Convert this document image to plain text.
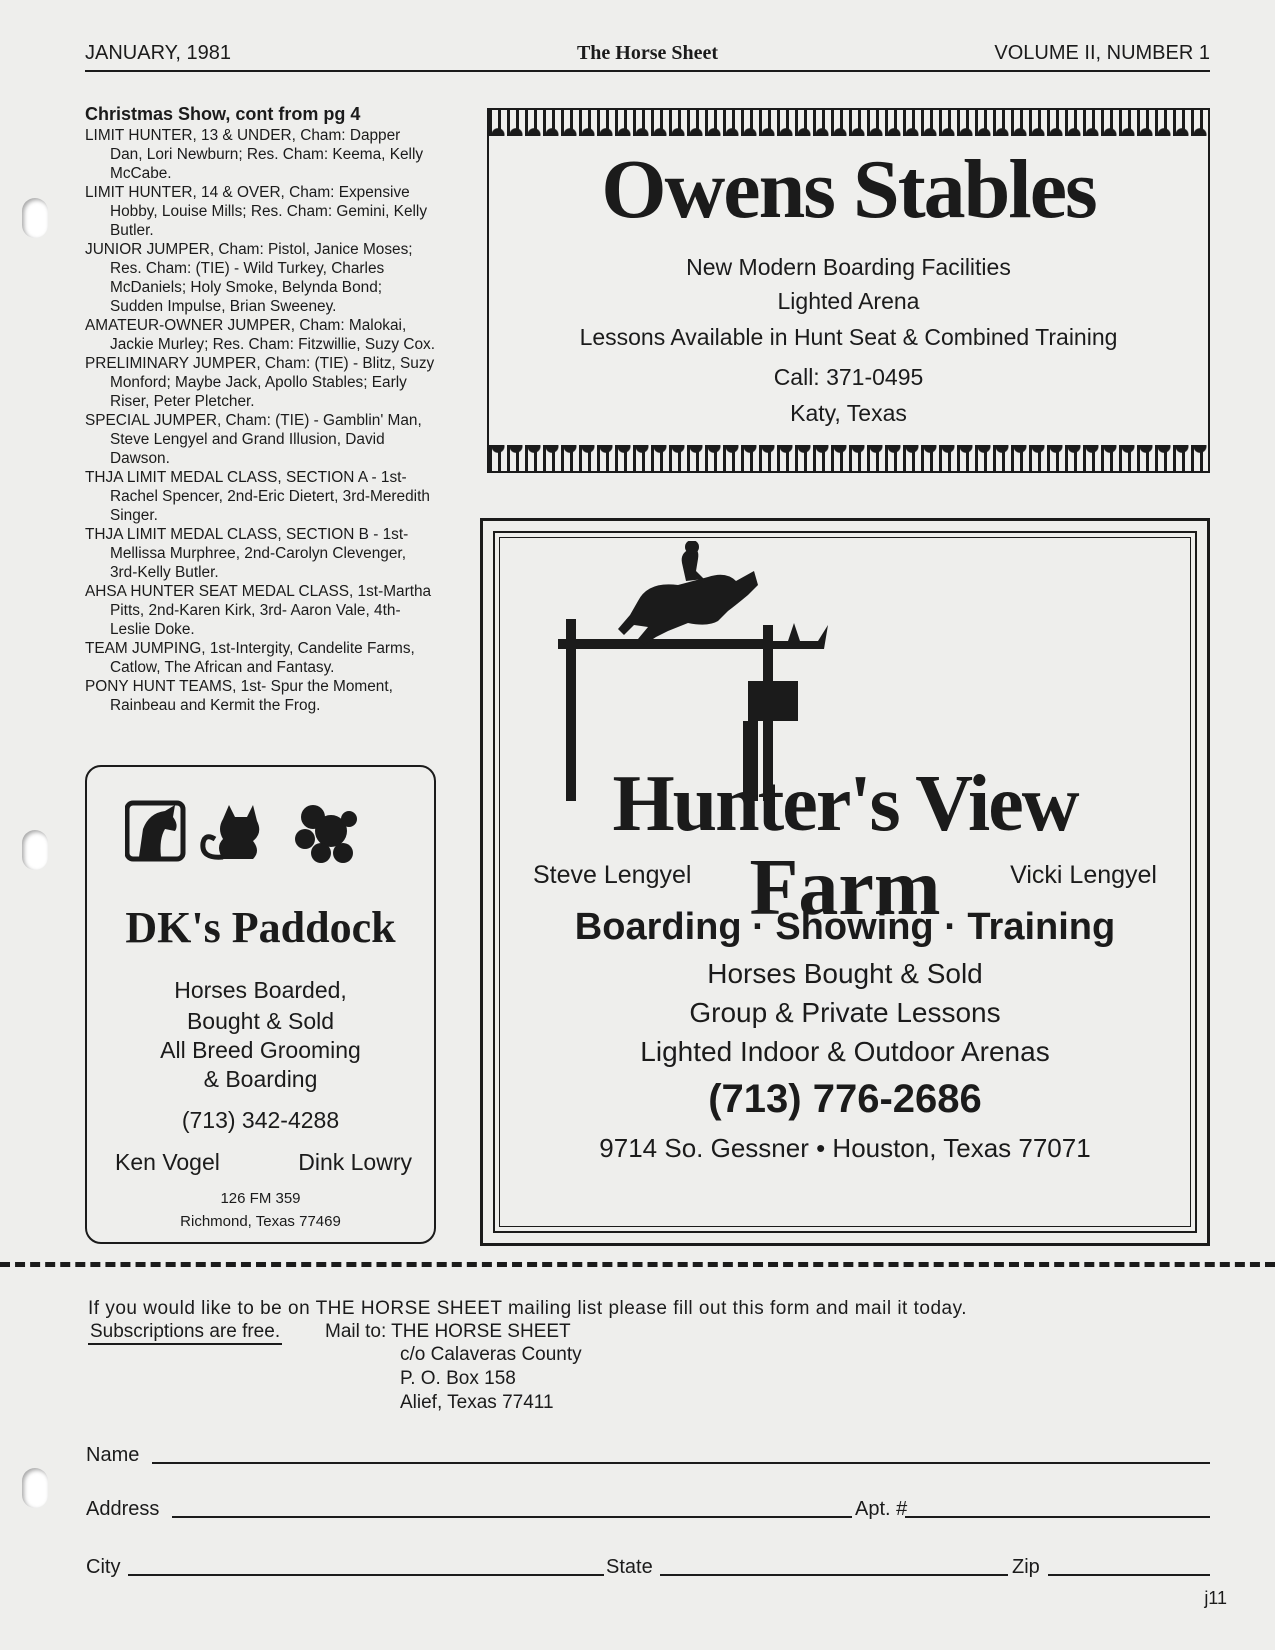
JANUARY, 1981	The Horse Sheet	VOLUME II, NUMBER 1
Christmas Show, cont from pg 4

LIMIT HUNTER, 13 & UNDER, Cham: Dapper Dan, Lori Newburn; Res. Cham: Keema, Kelly McCabe.

LIMIT HUNTER, 14 & OVER, Cham: Expensive Hobby, Louise Mills; Res. Cham: Gemini, Kelly Butler.

JUNIOR JUMPER, Cham: Pistol, Janice Moses; Res. Cham: (TIE) - Wild Turkey, Charles McDaniels; Holy Smoke, Belynda Bond; Sudden Impulse, Brian Sweeney.

AMATEUR-OWNER JUMPER, Cham: Malokai, Jackie Murley; Res. Cham: Fitzwillie, Suzy Cox.

PRELIMINARY JUMPER, Cham: (TIE) - Blitz, Suzy Monford; Maybe Jack, Apollo Stables; Early Riser, Peter Pletcher.

SPECIAL JUMPER, Cham: (TIE) - Gamblin' Man, Steve Lengyel and Grand Illusion, David Dawson.

THJA LIMIT MEDAL CLASS, SECTION A - 1st-Rachel Spencer, 2nd-Eric Dietert, 3rd-Meredith Singer.

THJA LIMIT MEDAL CLASS, SECTION B - 1st-Mellissa Murphree, 2nd-Carolyn Clevenger, 3rd-Kelly Butler.

AHSA HUNTER SEAT MEDAL CLASS, 1st-Martha Pitts, 2nd-Karen Kirk, 3rd- Aaron Vale, 4th-Leslie Doke.

TEAM JUMPING, 1st-Intergity, Candelite Farms, Catlow, The African and Fantasy.

PONY HUNT TEAMS, 1st- Spur the Moment, Rainbeau and Kermit the Frog.

Owens Stables
New Modern Boarding Facilities
Lighted Arena
Lessons Available in Hunt Seat & Combined Training
Call: 371-0495
Katy, Texas
DK's Paddock
Horses Boarded,
Bought & Sold
All Breed Grooming
& Boarding
(713) 342-4288
Ken Vogel	Dink Lowry
126 FM 359
Richmond, Texas 77469
Hunter's View
Farm
Steve Lengyel	Vicki Lengyel
Boarding · Showing · Training
Horses Bought & Sold
Group & Private Lessons
Lighted Indoor & Outdoor Arenas
(713) 776-2686
9714 So. Gessner • Houston, Texas 77071
If you would like to be on THE HORSE SHEET mailing list please fill out this form and mail it today.
Subscriptions are free. Mail to: THE HORSE SHEET
c/o Calaveras County
P. O. Box 158
Alief, Texas 77411
Name
Address	Apt. #
City	State	Zip
j11
